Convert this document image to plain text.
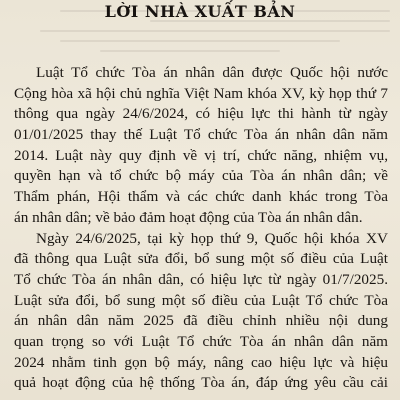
LỜI NHÀ XUẤT BẢN
Luật Tổ chức Tòa án nhân dân được Quốc hội nước
Cộng hòa xã hội chủ nghĩa Việt Nam khóa XV, kỳ họp thứ 7
thông qua ngày 24/6/2024, có hiệu lực thi hành từ ngày
01/01/2025 thay thế Luật Tổ chức Tòa án nhân dân năm
2014. Luật này quy định về vị trí, chức năng, nhiệm vụ,
quyền hạn và tổ chức bộ máy của Tòa án nhân dân; về
Thẩm phán, Hội thẩm và các chức danh khác trong Tòa
án nhân dân; về bảo đảm hoạt động của Tòa án nhân dân.
Ngày 24/6/2025, tại kỳ họp thứ 9, Quốc hội khóa XV
đã thông qua Luật sửa đổi, bổ sung một số điều của Luật
Tổ chức Tòa án nhân dân, có hiệu lực từ ngày 01/7/2025.
Luật sửa đổi, bổ sung một số điều của Luật Tổ chức Tòa
án nhân dân năm 2025 đã điều chỉnh nhiều nội dung
quan trọng so với Luật Tổ chức Tòa án nhân dân năm
2024 nhằm tinh gọn bộ máy, nâng cao hiệu lực và hiệu
quả hoạt động của hệ thống Tòa án, đáp ứng yêu cầu cải
